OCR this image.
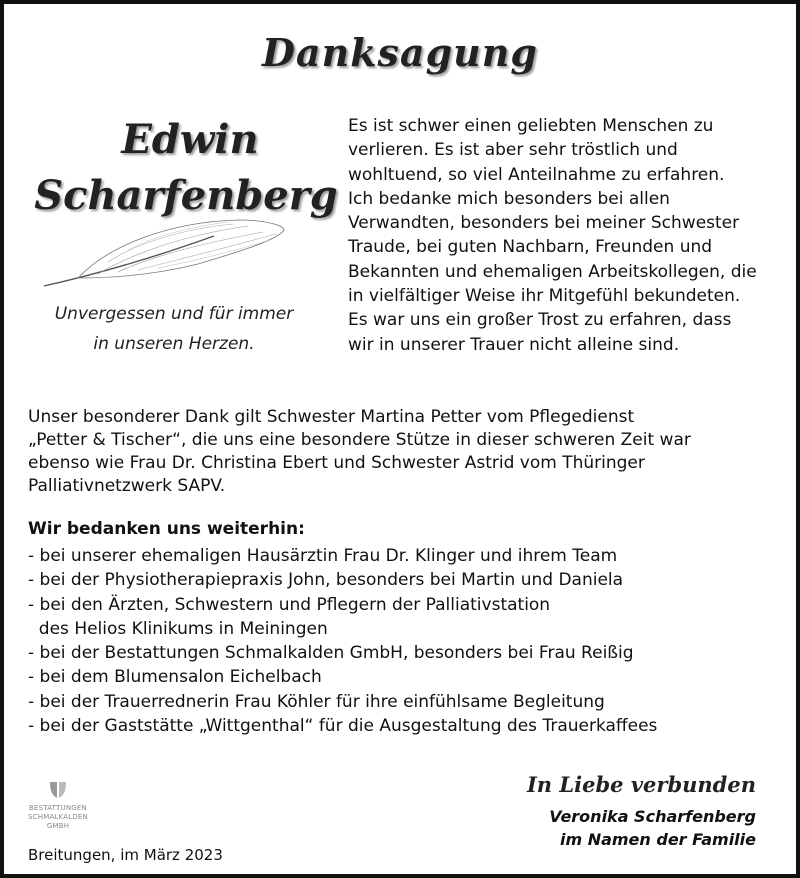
Danksagung
Edwin
Scharfenberg
Unvergessen und für immer
in unseren Herzen.

Es ist schwer einen geliebten Menschen zu
verlieren. Es ist aber sehr tröstlich und
wohltuend, so viel Anteilnahme zu erfahren.
Ich bedanke mich besonders bei allen
Verwandten, besonders bei meiner Schwester
Traude, bei guten Nachbarn, Freunden und
Bekannten und ehemaligen Arbeitskollegen, die
in vielfältiger Weise ihr Mitgefühl bekundeten.
Es war uns ein großer Trost zu erfahren, dass
wir in unserer Trauer nicht alleine sind.

Unser besonderer Dank gilt Schwester Martina Petter vom Pflegedienst
„Petter & Tischer“, die uns eine besondere Stütze in dieser schweren Zeit war
ebenso wie Frau Dr. Christina Ebert und Schwester Astrid vom Thüringer
Palliativnetzwerk SAPV.

Wir bedanken uns weiterhin:
- bei unserer ehemaligen Hausärztin Frau Dr. Klinger und ihrem Team
- bei der Physiotherapiepraxis John, besonders bei Martin und Daniela
- bei den Ärzten, Schwestern und Pflegern der Palliativstation
des Helios Klinikums in Meiningen
- bei der Bestattungen Schmalkalden GmbH, besonders bei Frau Reißig
- bei dem Blumensalon Eichelbach
- bei der Trauerrednerin Frau Köhler für ihre einfühlsame Begleitung
- bei der Gaststätte „Wittgenthal“ für die Ausgestaltung des Trauerkaffees
BESTATTUNGEN
SCHMALKALDEN
GMBH
Breitungen, im März 2023
In Liebe verbunden
Veronika Scharfenberg
im Namen der Familie
